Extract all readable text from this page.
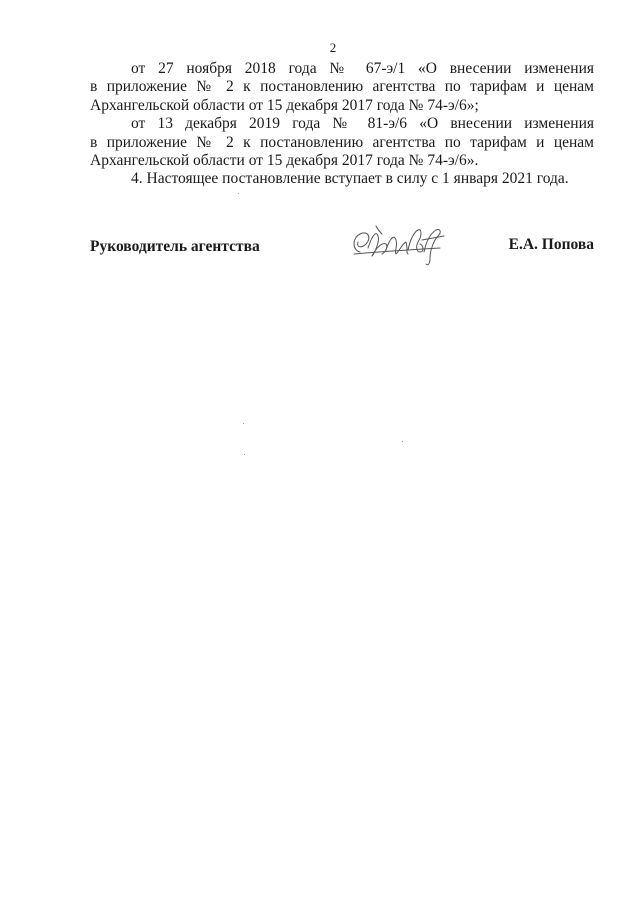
2
от 27 ноября 2018 года № 67-э/1 «О внесении изменения
в приложение № 2 к постановлению агентства по тарифам и ценам
Архангельской области от 15 декабря 2017 года № 74-э/6»;
от 13 декабря 2019 года № 81-э/6 «О внесении изменения
в приложение № 2 к постановлению агентства по тарифам и ценам
Архангельской области от 15 декабря 2017 года № 74-э/6».
4. Настоящее постановление вступает в силу с 1 января 2021 года.
Руководитель агентства	Е.А. Попова
